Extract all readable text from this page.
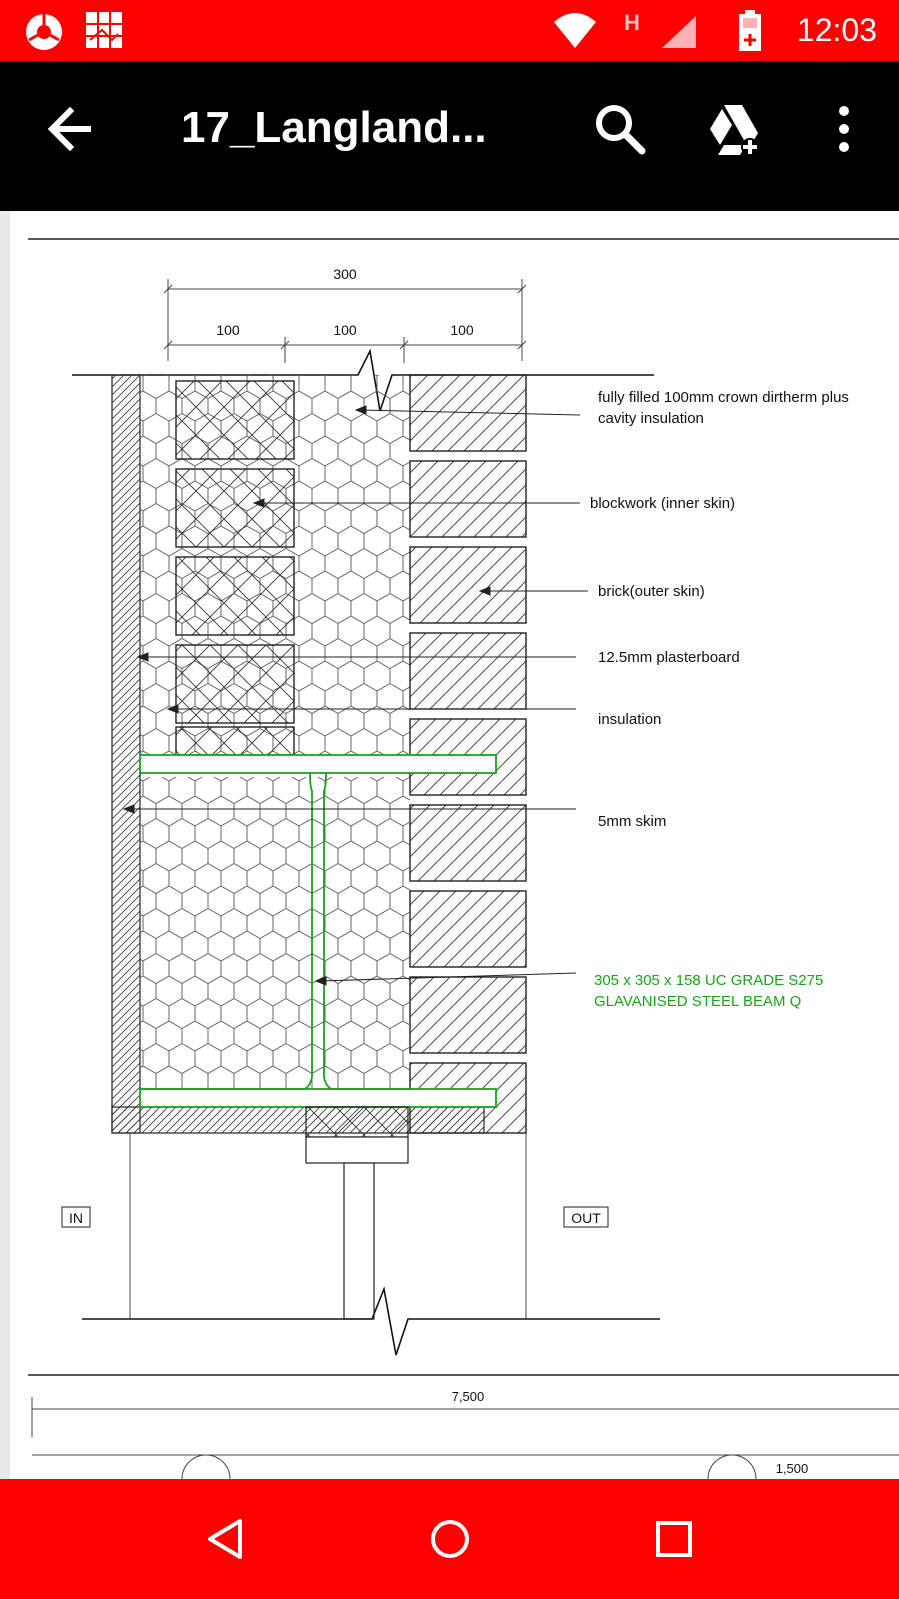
H	12:03
17_Langland...
300
100	100	100
fully filled 100mm crown dirtherm plus
cavity insulation
blockwork (inner skin)
brick(outer skin)
12.5mm plasterboard
insulation
5mm skim
305 x 305 x 158 UC GRADE S275
GLAVANISED STEEL BEAM Q
IN	OUT
7,500
1,500
